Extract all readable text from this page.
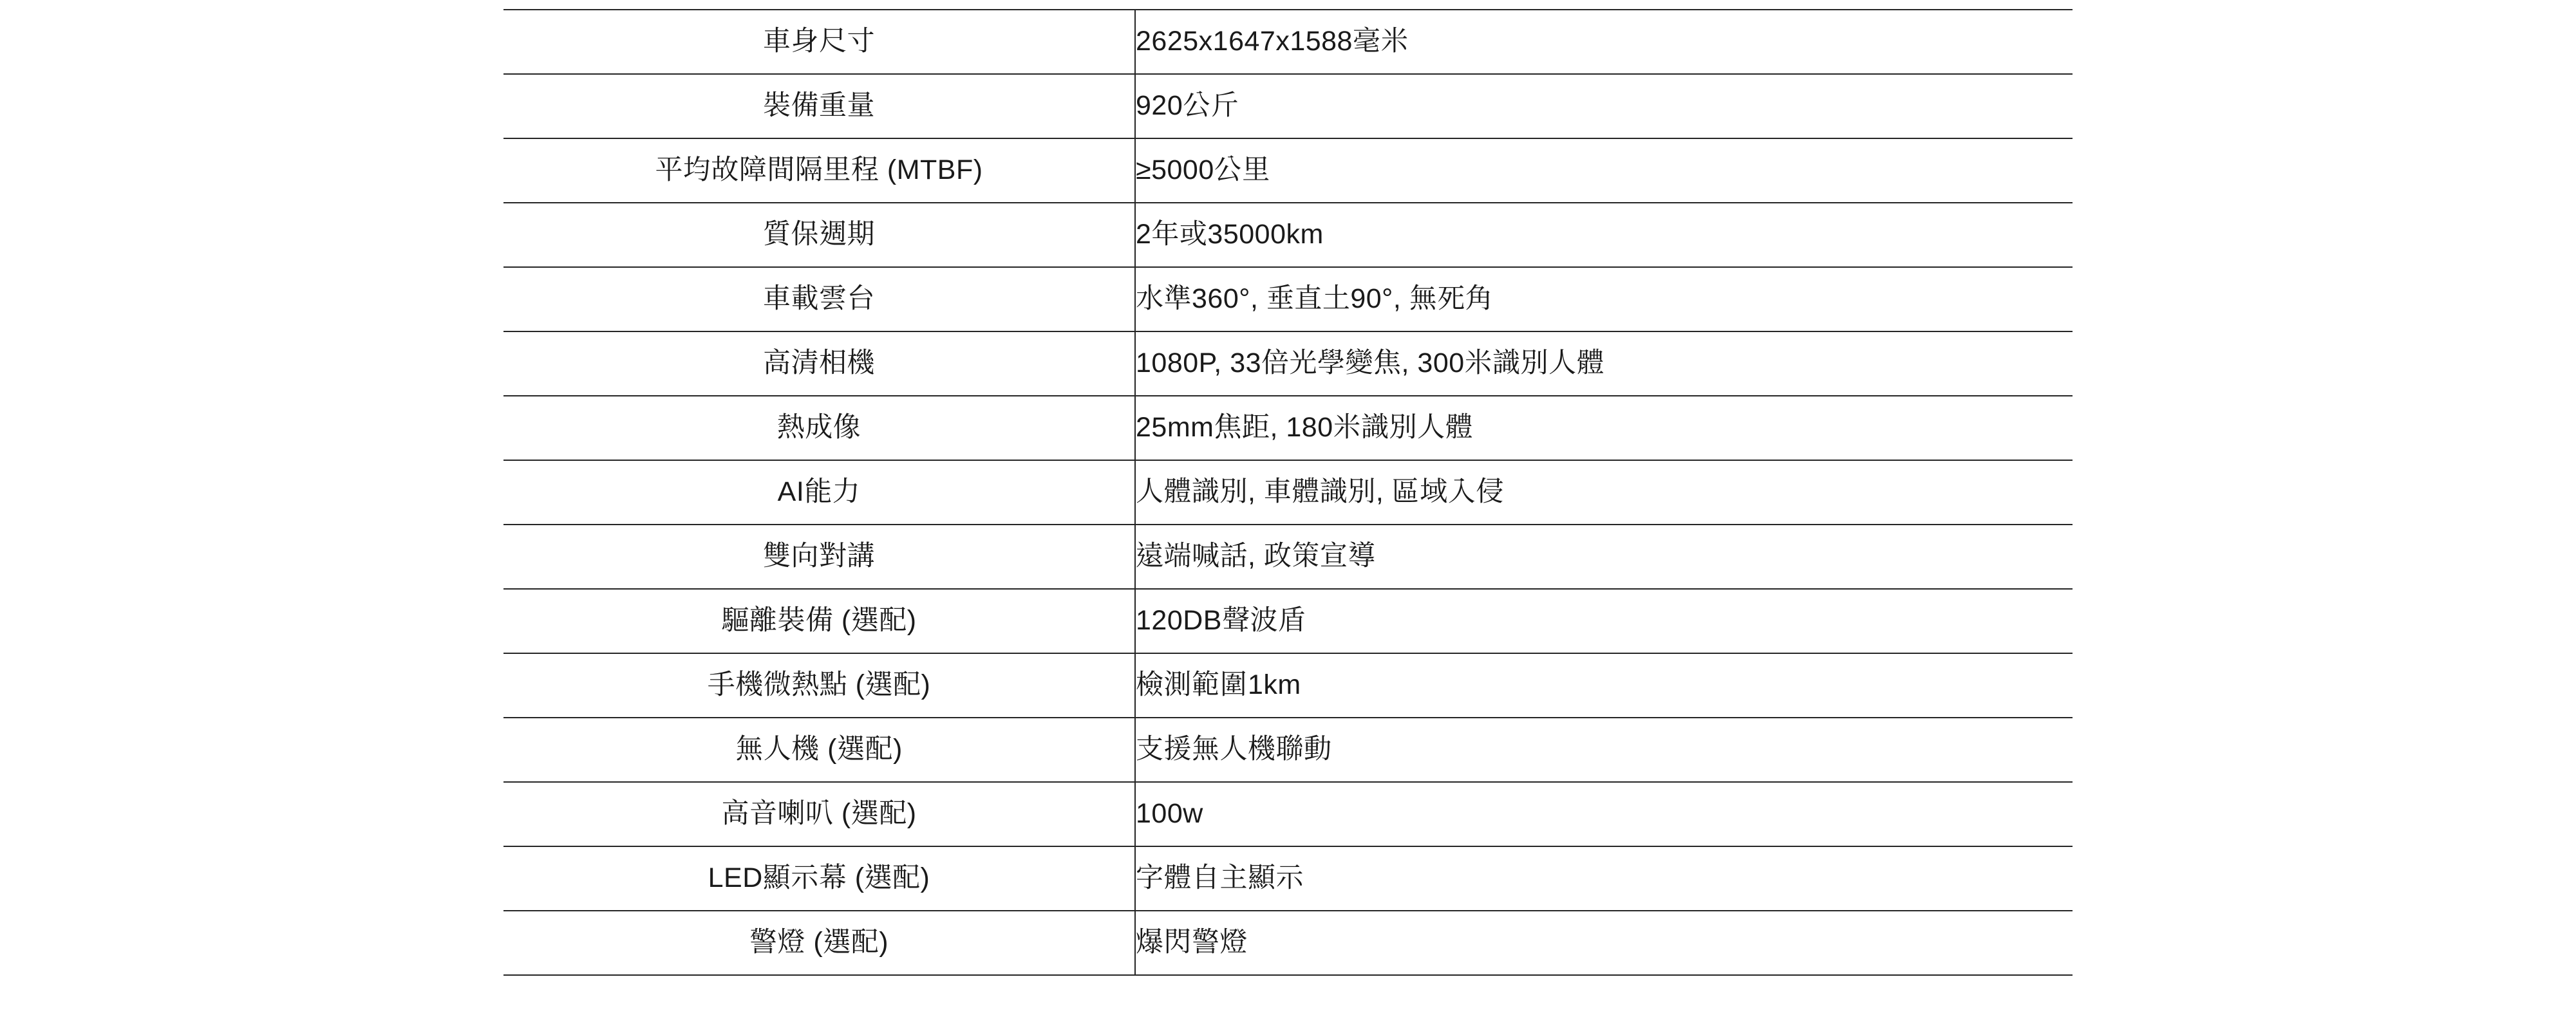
車身尺寸	2625x1647x1588毫米
裝備重量	920公斤
平均故障間隔里程 (MTBF)	≥5000公里
質保週期	2年或35000km
車載雲台	水準360°, 垂直土90°, 無死角
高清相機	1080P, 33倍光學變焦, 300米識別人體
熱成像	25mm焦距, 180米識別人體
AI能力	人體識別, 車體識別, 區域入侵
雙向對講	遠端喊話, 政策宣導
驅離裝備 (選配)	120DB聲波盾
手機微熱點 (選配)	檢測範圍1km
無人機 (選配)	支援無人機聯動
高音喇叭 (選配)	100w
LED顯示幕 (選配)	字體自主顯示
警燈 (選配)	爆閃警燈
